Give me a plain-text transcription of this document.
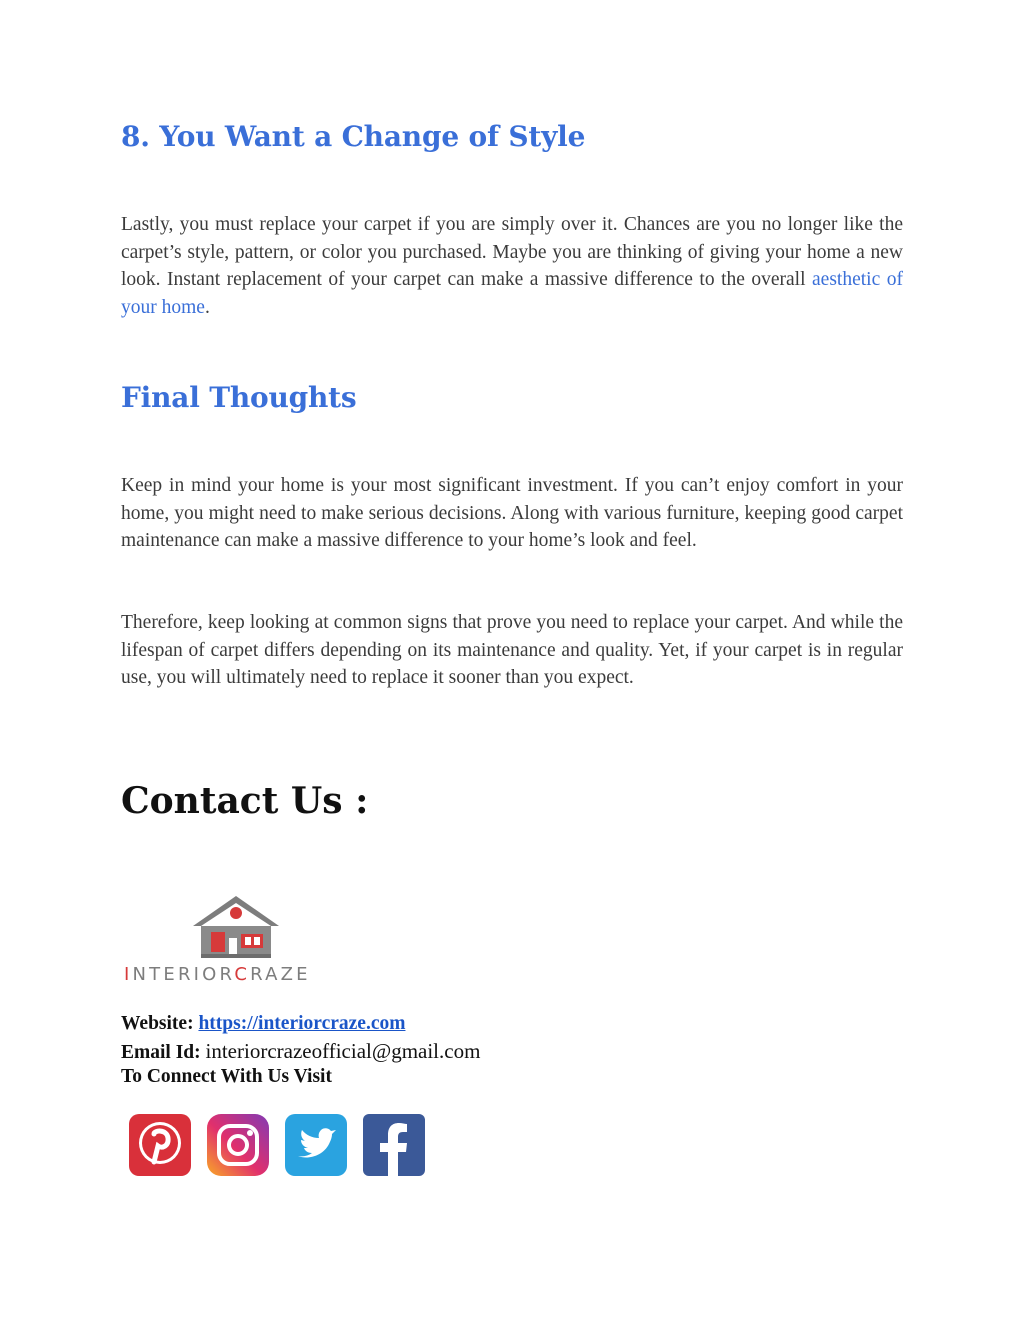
8. You Want a Change of Style

Lastly, you must replace your carpet if you are simply over it. Chances are you no longer like the carpet’s style, pattern, or color you purchased. Maybe you are thinking of giving your home a new look. Instant replacement of your carpet can make a massive difference to the overall aesthetic of your home.

Final Thoughts

Keep in mind your home is your most significant investment. If you can’t enjoy comfort in your home, you might need to make serious decisions. Along with various furniture, keeping good carpet maintenance can make a massive difference to your home’s look and feel.

Therefore, keep looking at common signs that prove you need to replace your carpet. And while the lifespan of carpet differs depending on its maintenance and quality. Yet, if your carpet is in regular use, you will ultimately need to replace it sooner than you expect.

Contact Us :
INTERIORCRAZE
Website: https://interiorcraze.com
Email Id: interiorcrazeofficial@gmail.com
To Connect With Us Visit
